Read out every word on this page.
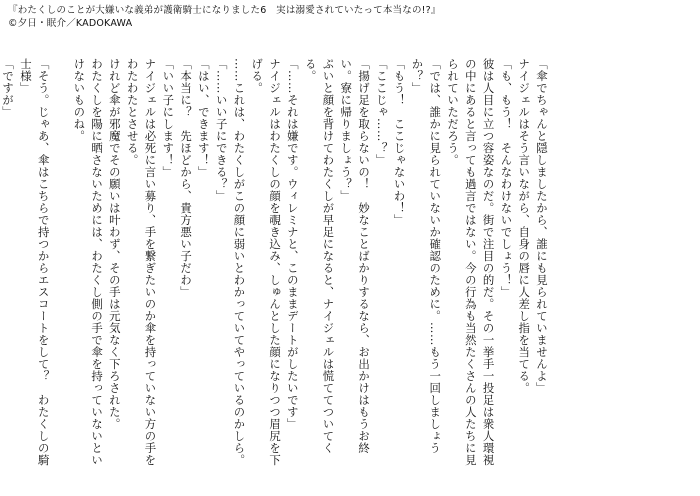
『わたくしのことが大嫌いな義弟が護衛騎士になりました6　実は溺愛されていたって本当なの!?』
©夕日・眠介／KADOKAWA

「傘でちゃんと隠しましたから、誰にも見られていませんよ」

ナイジェルはそう言いながら、自身の唇に人差し指を当てる。

「も、もう！　そんなわけないでしょう！」

彼は人目に立つ容姿なのだ。街で注目の的だ。その一挙手一投足は衆人環視の中にあると言っても過言ではない。今の行為も当然たくさんの人たちに見られていただろう。

「では、誰かに見られていないか確認のために。……もう一回しましょうか？」

「もう！　ここじゃないわ！」

「ここじゃ……？」

「揚げ足を取らないの！　妙なことばかりするなら、お出かけはもうお終い。寮に帰りましょう？」

ぷいと顔を背けてわたくしが早足になると、ナイジェルは慌ててついてくる。

「……それは嫌です。ウィレミナと、このままデートがしたいです」

ナイジェルはわたくしの顔を覗き込み、しゅんとした顔になりつつ眉尻を下げる。

……これは、わたくしがこの顔に弱いとわかっていてやっているのかしら。

「……いい子にできる？」

「はい、できます！」

「本当に？　先ほどから、貴方悪い子だわ」

「いい子にします！」

ナイジェルは必死に言い募り、手を繋ぎたいのか傘を持っていない方の手をわたわたとさせる。

けれど傘が邪魔でその願いは叶わず、その手は元気なく下ろされた。

わたくしを陽に晒さないためには、わたくし側の手で傘を持っていないといけないものね。

「そう。じゃあ、傘はこちらで持つからエスコートをして？　わたくしの騎士様」

「ですが」
